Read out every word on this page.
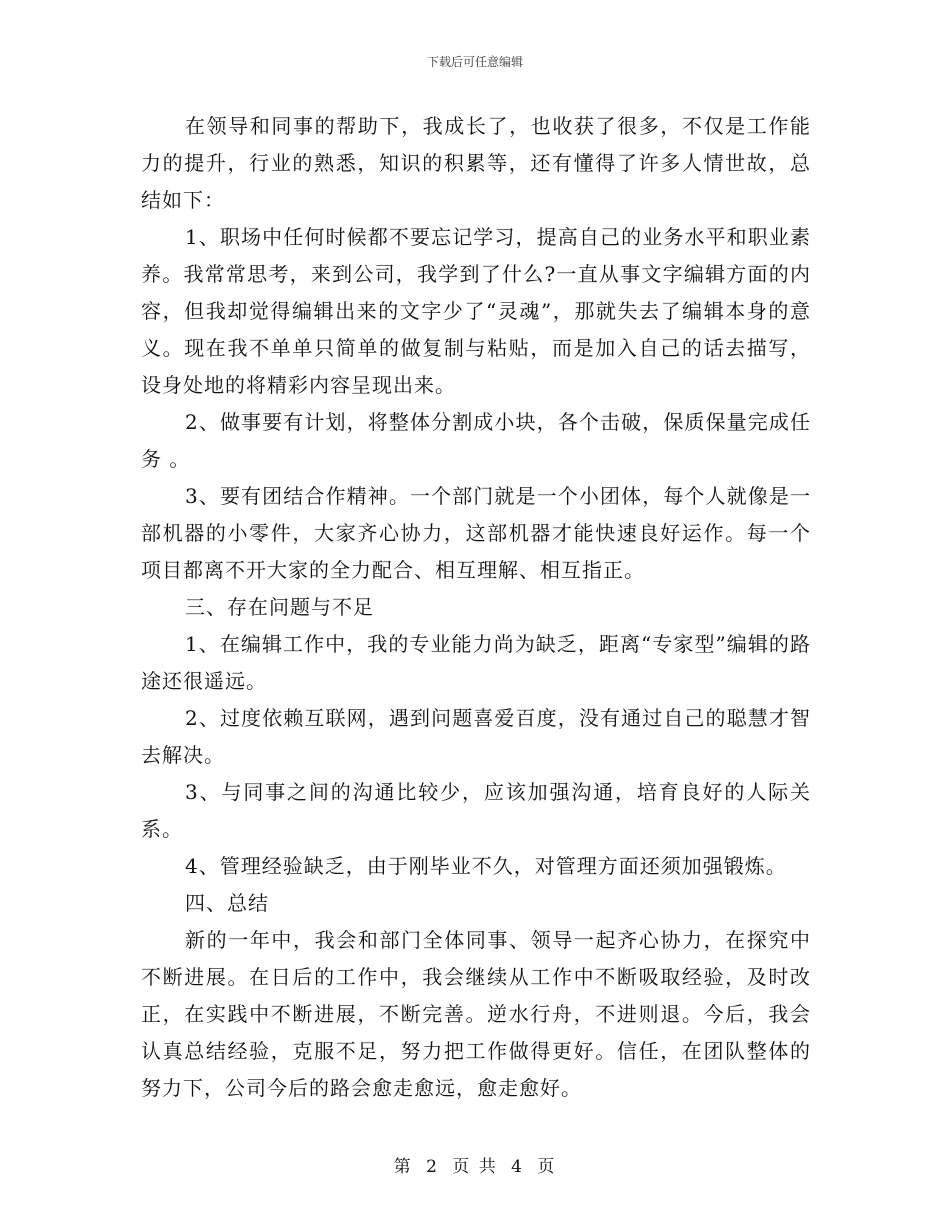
下载后可任意编辑

在领导和同事的帮助下，我成长了，也收获了很多，不仅是工作能力的提升，行业的熟悉，知识的积累等，还有懂得了许多人情世故，总结如下：

1、职场中任何时候都不要忘记学习，提高自己的业务水平和职业素养。我常常思考，来到公司，我学到了什么?一直从事文字编辑方面的内容，但我却觉得编辑出来的文字少了“灵魂”，那就失去了编辑本身的意义。现在我不单单只简单的做复制与粘贴，而是加入自己的话去描写，设身处地的将精彩内容呈现出来。

2、做事要有计划，将整体分割成小块，各个击破，保质保量完成任务 。

3、要有团结合作精神。一个部门就是一个小团体，每个人就像是一部机器的小零件，大家齐心协力，这部机器才能快速良好运作。每一个项目都离不开大家的全力配合、相互理解、相互指正。

三、存在问题与不足

1、在编辑工作中，我的专业能力尚为缺乏，距离“专家型”编辑的路途还很遥远。

2、过度依赖互联网，遇到问题喜爱百度，没有通过自己的聪慧才智去解决。

3、与同事之间的沟通比较少，应该加强沟通，培育良好的人际关系。

4、管理经验缺乏，由于刚毕业不久，对管理方面还须加强锻炼。

四、总结

新的一年中，我会和部门全体同事、领导一起齐心协力，在探究中不断进展。在日后的工作中，我会继续从工作中不断吸取经验，及时改正，在实践中不断进展，不断完善。逆水行舟，不进则退。今后，我会认真总结经验，克服不足，努力把工作做得更好。信任，在团队整体的努力下，公司今后的路会愈走愈远，愈走愈好。

第 2 页 共 4 页
